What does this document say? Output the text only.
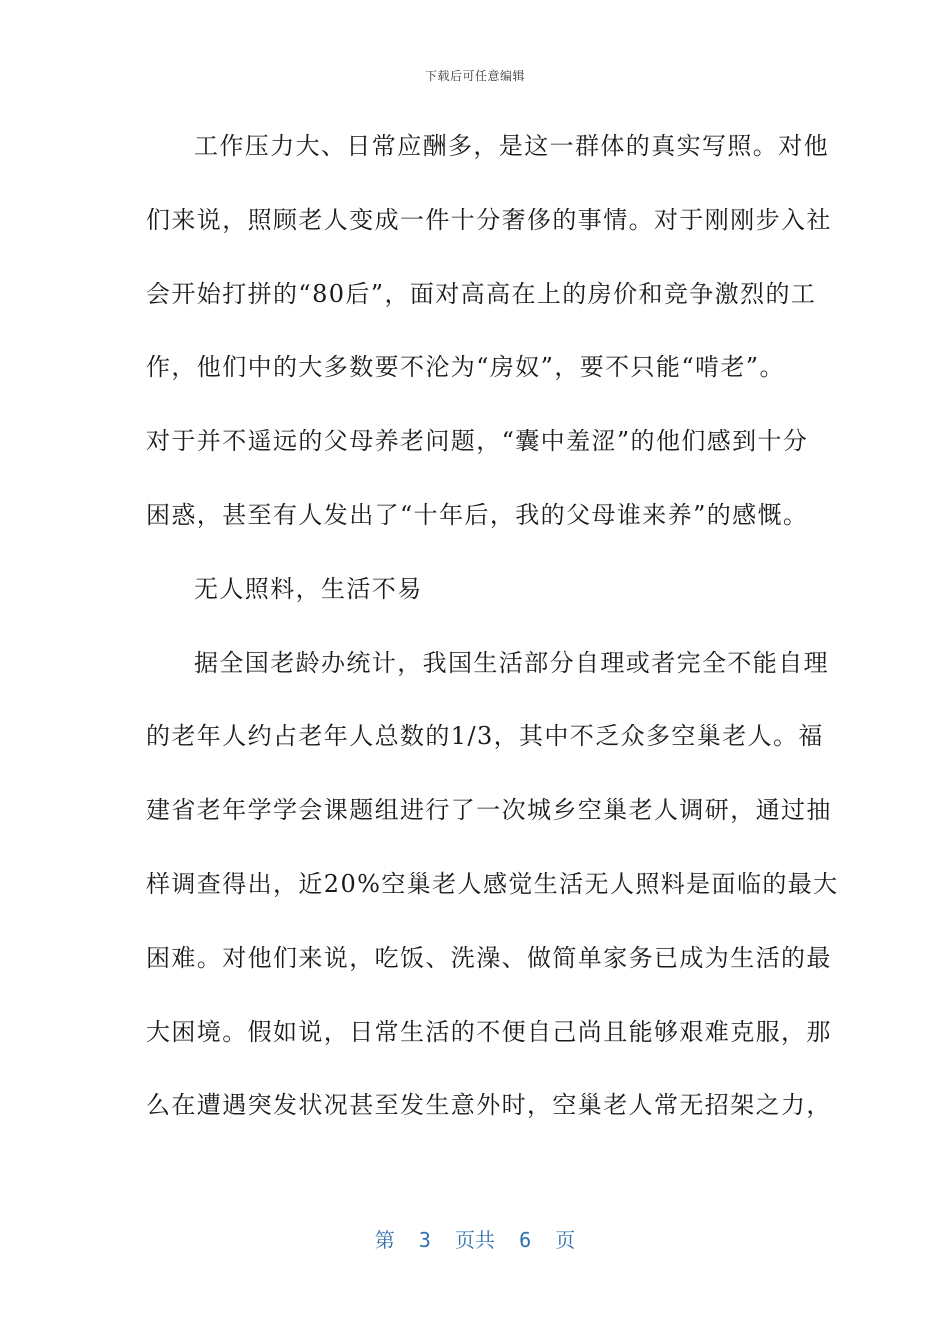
下载后可任意编辑
工作压力大、日常应酬多，是这一群体的真实写照。对他
们来说，照顾老人变成一件十分奢侈的事情。对于刚刚步入社
会开始打拼的“80后”，面对高高在上的房价和竞争激烈的工
作，他们中的大多数要不沦为“房奴”，要不只能“啃老”。
对于并不遥远的父母养老问题，“囊中羞涩”的他们感到十分
困惑，甚至有人发出了“十年后，我的父母谁来养”的感慨。
无人照料，生活不易
据全国老龄办统计，我国生活部分自理或者完全不能自理
的老年人约占老年人总数的1/3，其中不乏众多空巢老人。福
建省老年学学会课题组进行了一次城乡空巢老人调研，通过抽
样调查得出，近20%空巢老人感觉生活无人照料是面临的最大
困难。对他们来说，吃饭、洗澡、做简单家务已成为生活的最
大困境。假如说，日常生活的不便自己尚且能够艰难克服，那
么在遭遇突发状况甚至发生意外时，空巢老人常无招架之力，
第  3  页共  6  页
